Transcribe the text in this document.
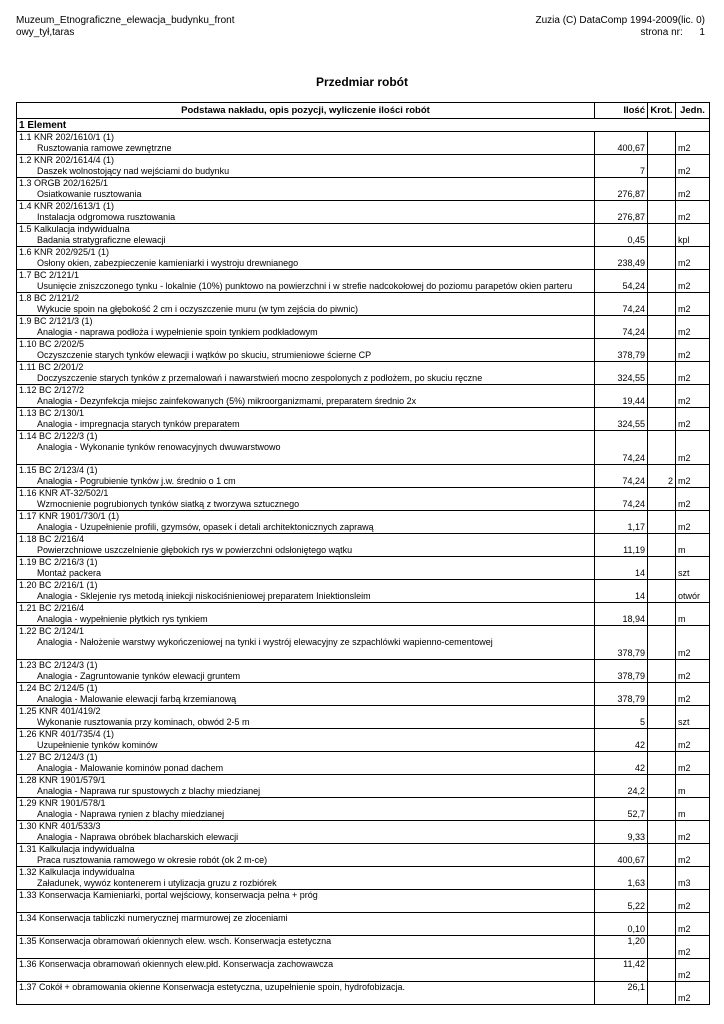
Muzeum_Etnograficzne_elewacja_budynku_front
owy_tył,taras
Zuzia (C) DataComp 1994-2009(lic. 0)
strona nr:      1
Przedmiar robót
Podstawa nakładu, opis pozycji, wyliczenie ilości robót	Ilość	Krot.	Jedn.
1 Element			

1.1 KNR 202/1610/1 (1)
Rusztowania ramowe zewnętrzne	400,67		m2

1.2 KNR 202/1614/4 (1)
Daszek wolnostojący nad wejściami do budynku	7		m2

1.3 ORGB 202/1625/1
Osiatkowanie rusztowania	276,87		m2

1.4 KNR 202/1613/1 (1)
Instalacja odgromowa rusztowania	276,87		m2

1.5 Kalkulacja indywidualna
Badania stratygraficzne elewacji	0,45		kpl

1.6 KNR 202/925/1 (1)
Osłony okien, zabezpieczenie kamieniarki i wystroju drewnianego	238,49		m2

1.7 BC 2/121/1
Usunięcie zniszczonego tynku - lokalnie (10%) punktowo na powierzchni i w strefie nadcokołowej do poziomu parapetów okien parteru	54,24		m2

1.8 BC 2/121/2
Wykucie spoin na głębokość 2 cm i oczyszczenie muru (w tym zejścia do piwnic)	74,24		m2

1.9 BC 2/121/3 (1)
Analogia - naprawa podłoża i wypełnienie spoin tynkiem podkładowym	74,24		m2

1.10 BC 2/202/5
Oczyszczenie starych tynków elewacji i wątków po skuciu, strumieniowe ścierne CP	378,79		m2

1.11 BC 2/201/2
Doczyszczenie starych tynków z przemalowań i nawarstwień mocno zespolonych z podłożem, po skuciu ręczne	324,55		m2

1.12 BC 2/127/2
Analogia - Dezynfekcja miejsc zainfekowanych (5%) mikroorganizmami, preparatem średnio 2x	19,44		m2

1.13 BC 2/130/1
Analogia - impregnacja starych tynków preparatem	324,55		m2

1.14 BC 2/122/3 (1)
Analogia - Wykonanie tynków renowacyjnych dwuwarstwowo	74,24		m2

1.15 BC 2/123/4 (1)
Analogia - Pogrubienie tynków j.w. średnio o 1 cm	74,24	2	m2

1.16 KNR AT-32/502/1
Wzmocnienie pogrubionych tynków siatką z tworzywa sztucznego	74,24		m2

1.17 KNR 1901/730/1 (1)
Analogia - Uzupełnienie profili, gzymsów, opasek i detali architektonicznych zaprawą	1,17		m2

1.18 BC 2/216/4
Powierzchniowe uszczelnienie głębokich rys w powierzchni odsłoniętego wątku	11,19		m

1.19 BC 2/216/3 (1)
Montaż packera	14		szt

1.20 BC 2/216/1 (1)
Analogia - Sklejenie rys metodą iniekcji niskociśnieniowej preparatem Iniektionsleim	14		otwór

1.21 BC 2/216/4
Analogia - wypełnienie płytkich rys tynkiem	18,94		m

1.22 BC 2/124/1
Analogia - Nałożenie warstwy wykończeniowej na tynki i wystrój elewacyjny ze szpachlówki wapienno-cementowej	378,79		m2

1.23 BC 2/124/3 (1)
Analogia - Zagruntowanie tynków elewacji gruntem	378,79		m2

1.24 BC 2/124/5 (1)
Analogia - Malowanie elewacji farbą krzemianową	378,79		m2

1.25 KNR 401/419/2
Wykonanie rusztowania przy kominach, obwód 2-5 m	5		szt

1.26 KNR 401/735/4 (1)
Uzupełnienie tynków kominów	42		m2

1.27 BC 2/124/3 (1)
Analogia - Malowanie kominów ponad dachem	42		m2

1.28 KNR 1901/579/1
Analogia - Naprawa rur spustowych z blachy miedzianej	24,2		m

1.29 KNR 1901/578/1
Analogia - Naprawa rynien z blachy miedzianej	52,7		m

1.30 KNR 401/533/3
Analogia - Naprawa obróbek blacharskich elewacji	9,33		m2

1.31 Kalkulacja indywidualna
Praca rusztowania ramowego w okresie robót (ok 2 m-ce)	400,67		m2

1.32 Kalkulacja indywidualna
Załadunek, wywóz kontenerem i utylizacja gruzu z rozbiórek	1,63		m3
1.33 Konserwacja Kamieniarki, portal wejściowy, konserwacja pełna + próg	5,22		m2
1.34 Konserwacja tabliczki numerycznej marmurowej ze złoceniami	0,10		m2
1.35 Konserwacja obramowań okiennych elew. wsch. Konserwacja estetyczna	1,20		m2
1.36 Konserwacja obramowań okiennych elew.płd. Konserwacja zachowawcza	11,42		m2
1.37 Cokół + obramowania okienne Konserwacja estetyczna, uzupełnienie spoin, hydrofobizacja.	26,1		m2
